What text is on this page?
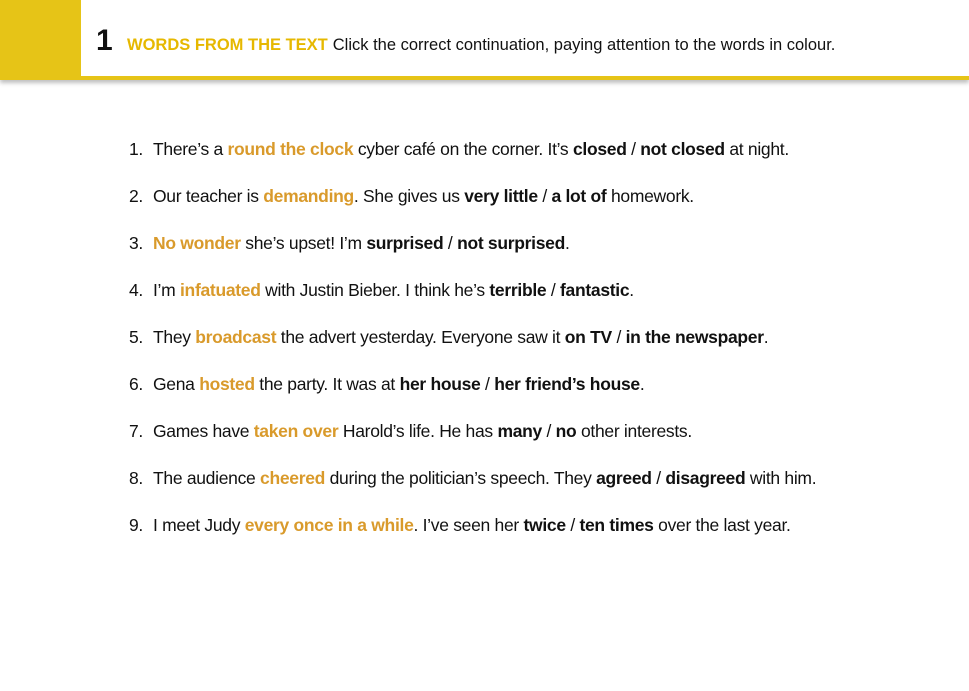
1 WORDS FROM THE TEXT Click the correct continuation, paying attention to the words in colour.
1. There’s a round the clock cyber café on the corner. It’s closed / not closed at night.
2. Our teacher is demanding. She gives us very little / a lot of homework.
3. No wonder she’s upset! I’m surprised / not surprised.
4. I’m infatuated with Justin Bieber. I think he’s terrible / fantastic.
5. They broadcast the advert yesterday. Everyone saw it on TV / in the newspaper.
6. Gena hosted the party. It was at her house / her friend’s house.
7. Games have taken over Harold’s life. He has many / no other interests.
8. The audience cheered during the politician’s speech. They agreed / disagreed with him.
9. I meet Judy every once in a while. I’ve seen her twice / ten times over the last year.
